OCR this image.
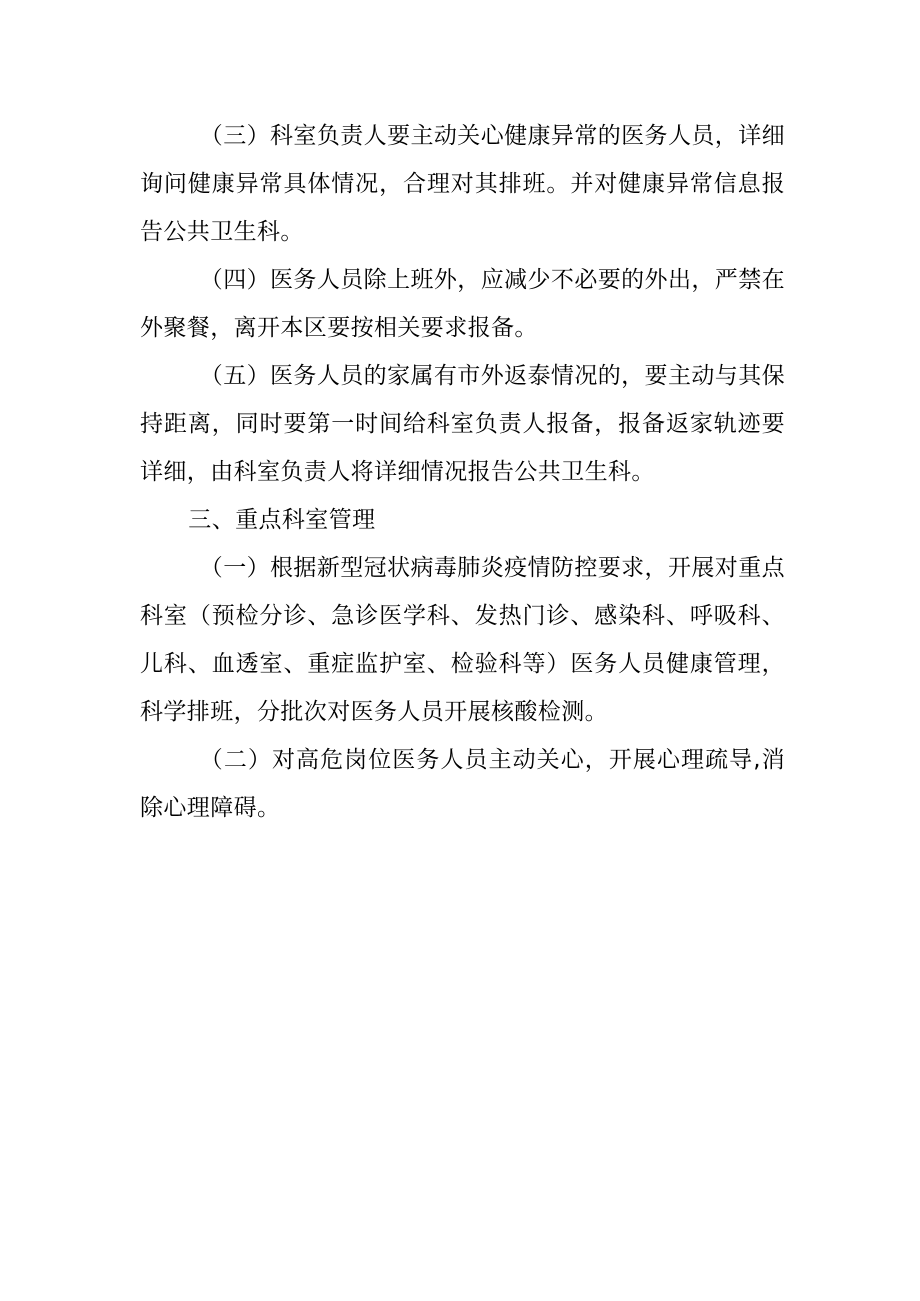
（三）科室负责人要主动关心健康异常的医务人员，详细询问健康异常具体情况，合理对其排班。并对健康异常信息报告公共卫生科。

（四）医务人员除上班外，应减少不必要的外出，严禁在外聚餐，离开本区要按相关要求报备。

（五）医务人员的家属有市外返泰情况的，要主动与其保持距离，同时要第一时间给科室负责人报备，报备返家轨迹要详细，由科室负责人将详细情况报告公共卫生科。

三、重点科室管理

（一）根据新型冠状病毒肺炎疫情防控要求，开展对重点科室（预检分诊、急诊医学科、发热门诊、感染科、呼吸科、儿科、血透室、重症监护室、检验科等）医务人员健康管理，科学排班，分批次对医务人员开展核酸检测。

（二）对高危岗位医务人员主动关心，开展心理疏导,消除心理障碍。
